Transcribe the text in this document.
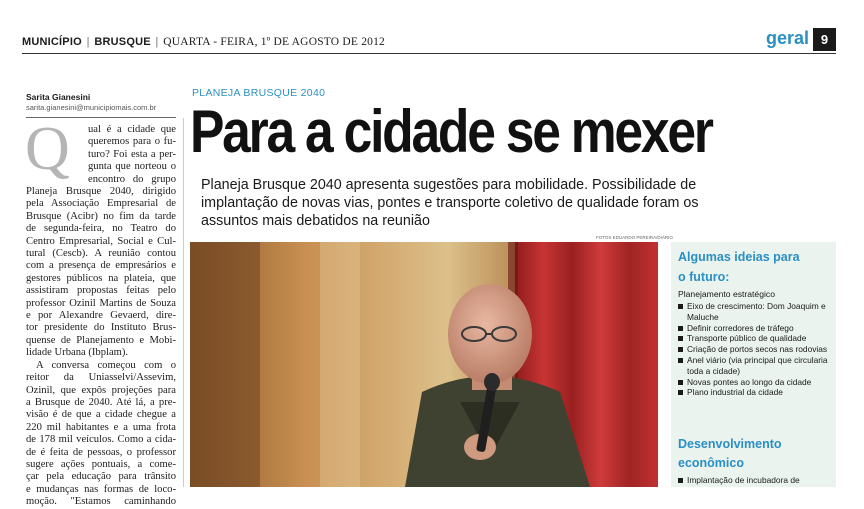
MUNICÍPIO | BRUSQUE | QUARTA - FEIRA, 1º DE AGOSTO DE 2012	geral 9
Sarita Gianesini
sarita.gianesini@municipiomais.com.br
Q ual é a cidade que
queremos para o fu-
turo? Foi esta a per-
gunta que norteou o
encontro do grupo
Planeja Brusque 2040, dirigido
pela Associação Empresarial de
Brusque (Acibr) no fim da tarde
de segunda-feira, no Teatro do
Centro Empresarial, Social e Cul-
tural (Cescb). A reunião contou
com a presença de empresários e
gestores públicos na plateia, que
assistiram propostas feitas pelo
professor Ozinil Martins de Souza
e por Alexandre Gevaerd, dire-
tor presidente do Instituto Brus-
quense de Planejamento e Mobi-
lidade Urbana (Ibplam).
A conversa começou com o
reitor da Uniasselvi/Assevim,
Ozinil, que expôs projeções para
a Brusque de 2040. Até lá, a pre-
visão é de que a cidade chegue a
220 mil habitantes e a uma frota
de 178 mil veículos. Como a cida-
de é feita de pessoas, o professor
sugere ações pontuais, a come-
çar pela educação para trânsito
e mudanças nas formas de loco-
moção. "Estamos caminhando
PLANEJA BRUSQUE 2040
Para a cidade se mexer
Planeja Brusque 2040 apresenta sugestões para mobilidade. Possibilidade de
implantação de novas vias, pontes e transporte coletivo de qualidade foram os
assuntos mais debatidos na reunião
FOTOS EDUARDO PEREIRA/DIÁRIO
Algumas ideias para
o futuro:
Planejamento estratégico
Eixo de crescimento: Dom Joaquim e Maluche
Definir corredores de tráfego
Transporte público de qualidade
Criação de portos secos nas rodovias
Anel viário (via principal que circularia toda a cidade)
Novas pontes ao longo da cidade
Plano industrial da cidade
Desenvolvimento
econômico
Implantação de incubadora de
